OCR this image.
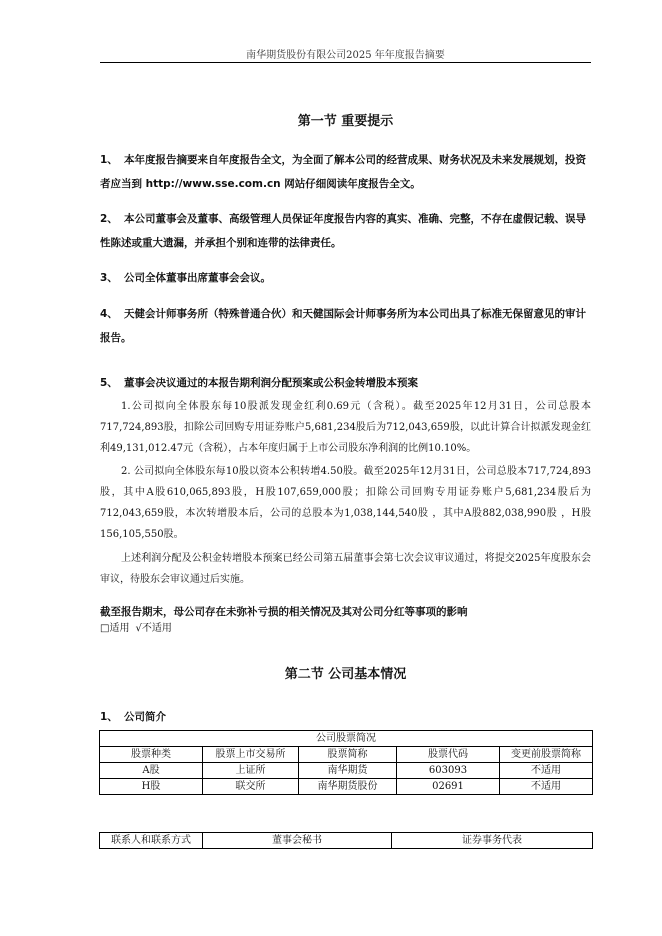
南华期货股份有限公司2025 年年度报告摘要
第一节 重要提示
1、 本年度报告摘要来自年度报告全文，为全面了解本公司的经营成果、财务状况及未来发展规划，投资者应当到 http://www.sse.com.cn 网站仔细阅读年度报告全文。
2、 本公司董事会及董事、高级管理人员保证年度报告内容的真实、准确、完整，不存在虚假记载、误导性陈述或重大遗漏，并承担个别和连带的法律责任。
3、 公司全体董事出席董事会会议。
4、 天健会计师事务所（特殊普通合伙）和天健国际会计师事务所为本公司出具了标准无保留意见的审计报告。
5、 董事会决议通过的本报告期利润分配预案或公积金转增股本预案
1.公司拟向全体股东每10股派发现金红利0.69元（含税）。截至2025年12月31日，公司总股本717,724,893股，扣除公司回购专用证券账户5,681,234股后为712,043,659股，以此计算合计拟派发现金红利49,131,012.47元（含税），占本年度归属于上市公司股东净利润的比例10.10%。
2. 公司拟向全体股东每10股以资本公积转增4.50股。截至2025年12月31日，公司总股本717,724,893股，其中A股610,065,893股，H股107,659,000股；扣除公司回购专用证券账户5,681,234股后为712,043,659股，本次转增股本后，公司的总股本为1,038,144,540股 ，其中A股882,038,990股 ，H股156,105,550股。
上述利润分配及公积金转增股本预案已经公司第五届董事会第七次会议审议通过，将提交2025年度股东会审议，待股东会审议通过后实施。
截至报告期末，母公司存在未弥补亏损的相关情况及其对公司分红等事项的影响
□适用 √不适用
第二节 公司基本情况
1、 公司简介
公司股票简况				
股票种类	股票上市交易所	股票简称	股票代码	变更前股票简称
A股	上证所	南华期货	603093	不适用
H股	联交所	南华期货股份	02691	不适用
联系人和联系方式	董事会秘书	证券事务代表
